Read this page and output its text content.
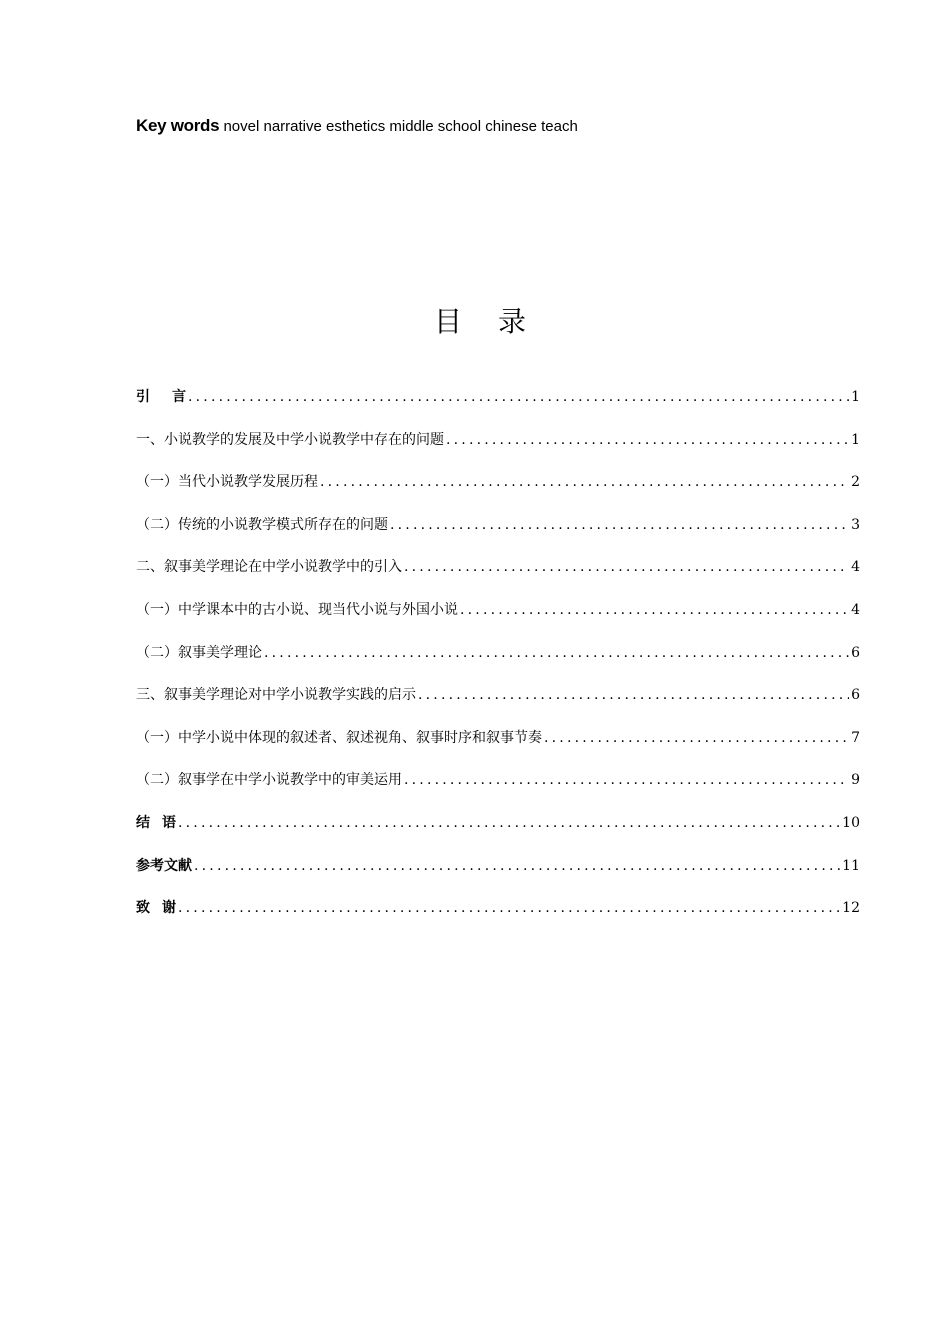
Key words novel narrative esthetics middle school chinese teach
目录
引言 .....	1
一、小说教学的发展及中学小说教学中存在的问题 .....	1
（一）当代小说教学发展历程 .....	2
（二）传统的小说教学模式所存在的问题 .....	3
二、叙事美学理论在中学小说教学中的引入 .....	4
（一）中学课本中的古小说、现当代小说与外国小说 .....	4
（二）叙事美学理论 .....	6
三、叙事美学理论对中学小说教学实践的启示 .....	6
（一）中学小说中体现的叙述者、叙述视角、叙事时序和叙事节奏 .....	7
（二）叙事学在中学小说教学中的审美运用 .....	9
结语 .....	10
参考文献 .....	11
致谢 .....	12
